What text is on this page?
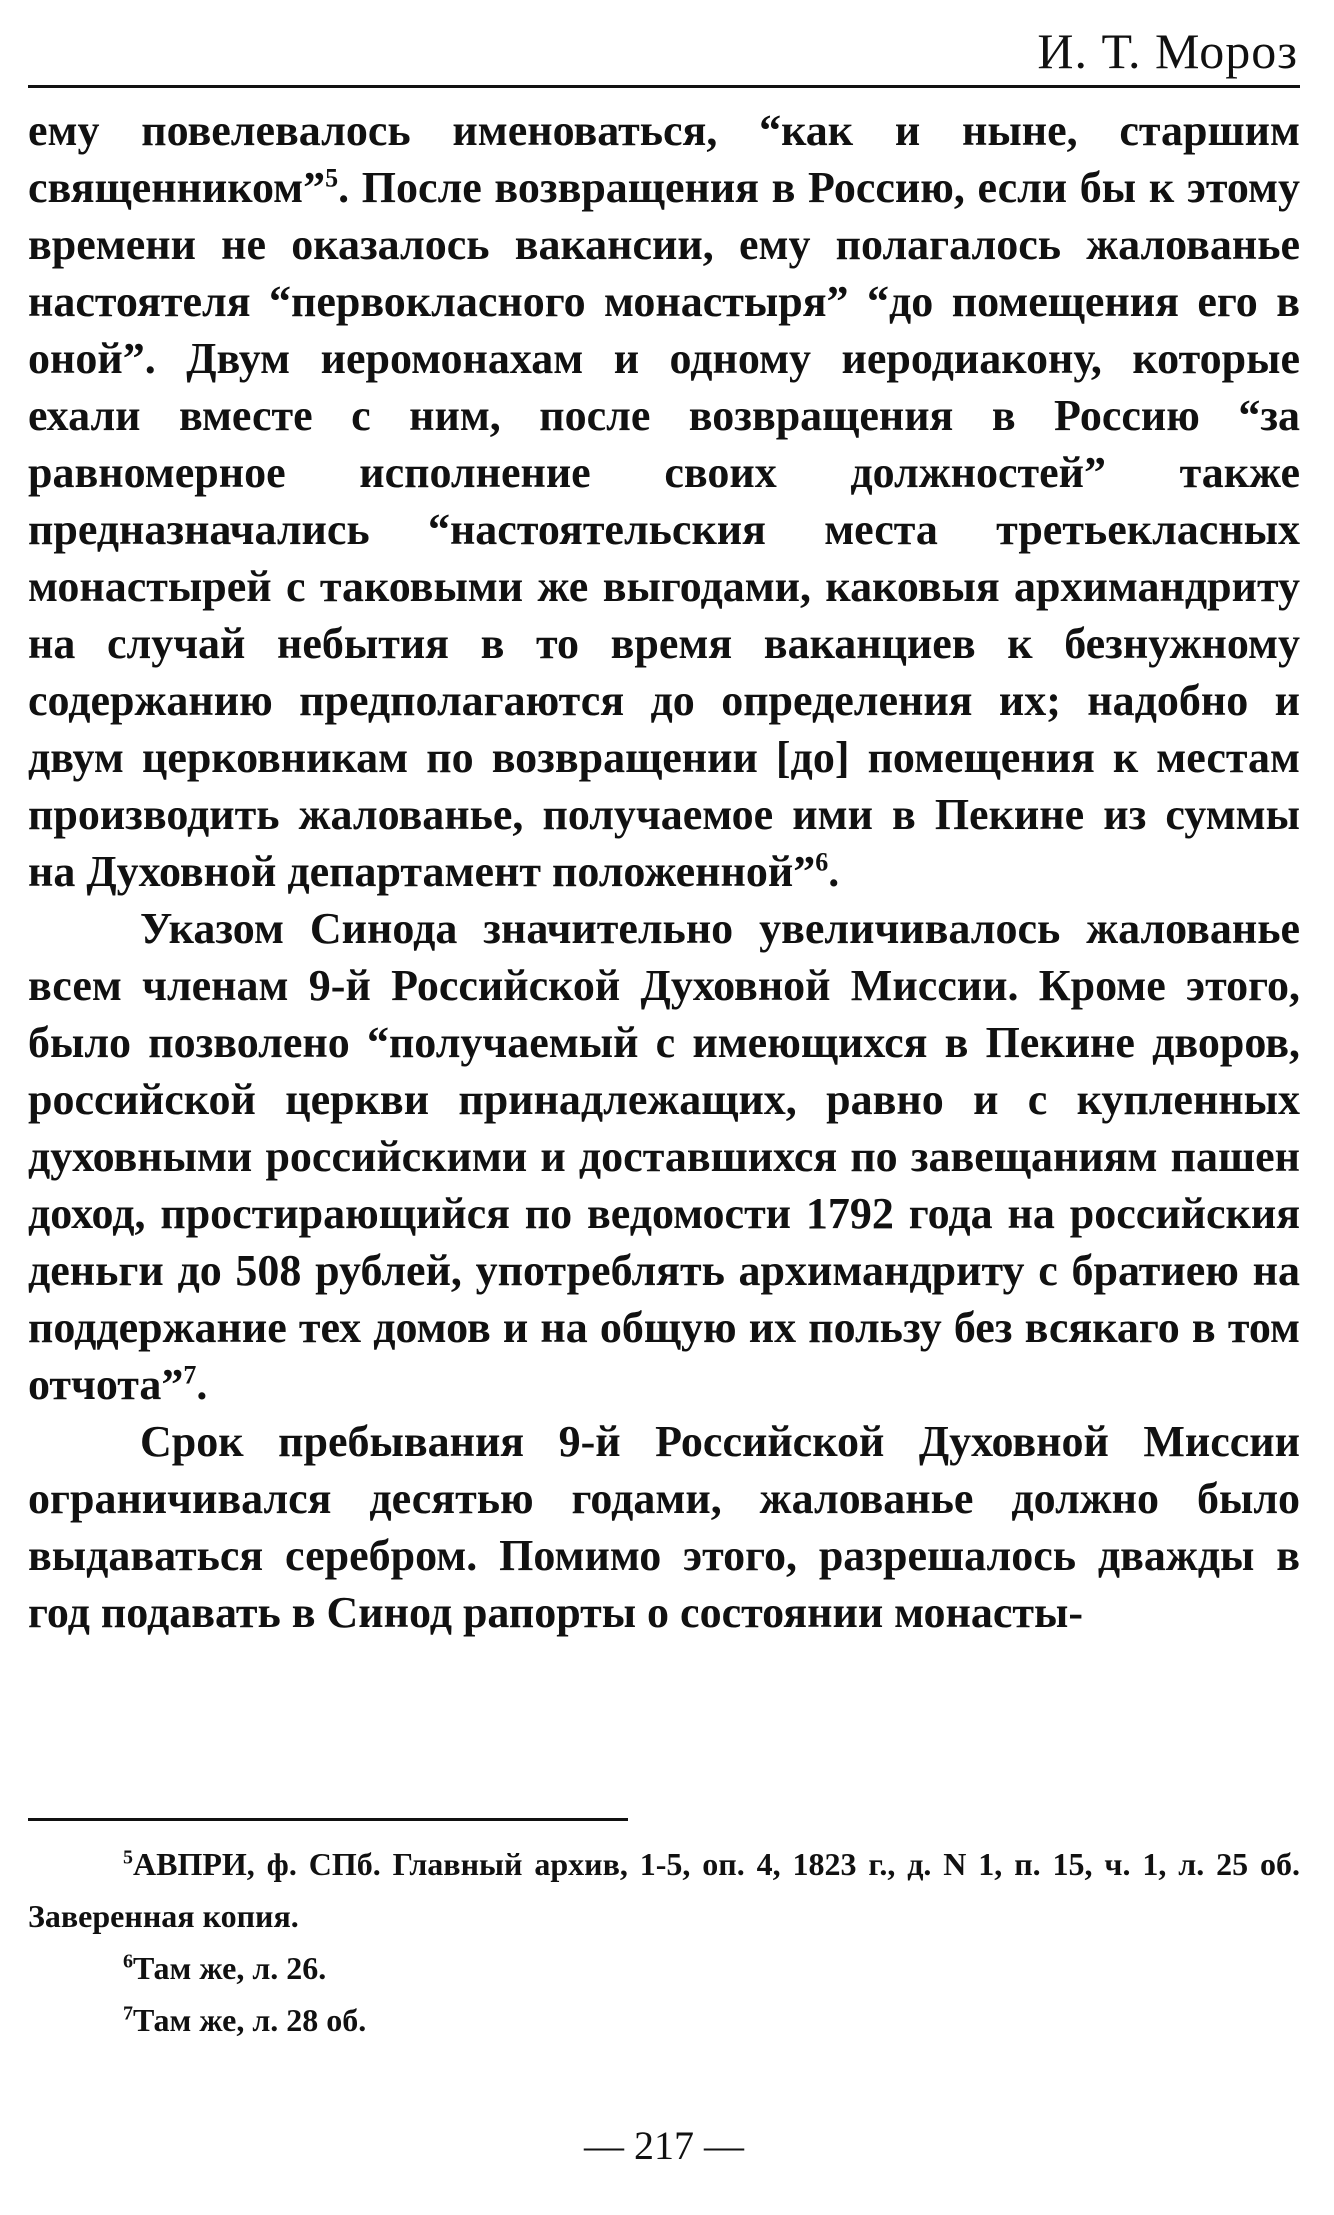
И. Т. Мороз

ему повелевалось именоваться, “как и ныне, старшим священником”$^5$. После возвращения в Россию, если бы к этому времени не оказалось вакансии, ему полагалось жалованье настоятеля “первокласного монастыря” “до помещения его в оной”. Двум иеромонахам и одному иеродиакону, которые ехали вместе с ним, после возвращения в Россию “за равномерное исполнение своих должностей” также предназначались “настоятельския места третьекласных монастырей с таковыми же выгодами, каковыя архимандриту на случай небытия в то время ваканциев к безнужному содержанию предполагаются до определения их; надобно и двум церковникам по возвращении [до] помещения к местам производить жалованье, получаемое ими в Пекине из суммы на Духовной департамент положенной”$^6$.

Указом Синода значительно увеличивалось жалованье всем членам 9-й Российской Духовной Миссии. Кроме этого, было позволено “получаемый с имеющихся в Пекине дворов, российской церкви принадлежащих, равно и с купленных духовными российскими и доставшихся по завещаниям пашен доход, простирающийся по ведомости 1792 года на российския деньги до 508 рублей, употреблять архимандриту с братиею на поддержание тех домов и на общую их пользу без всякаго в том отчота”$^7$.

Срок пребывания 9-й Российской Духовной Миссии ограничивался десятью годами, жалованье должно было выдаваться серебром. Помимо этого, разрешалось дважды в год подавать в Синод рапорты о состоянии монасты-

$^5$АВПРИ, ф. СПб. Главный архив, 1-5, оп. 4, 1823 г., д. N 1, п. 15, ч. 1, л. 25 об. Заверенная копия.

$^6$Там же, л. 26.

$^7$Там же, л. 28 об.

— 217 —
